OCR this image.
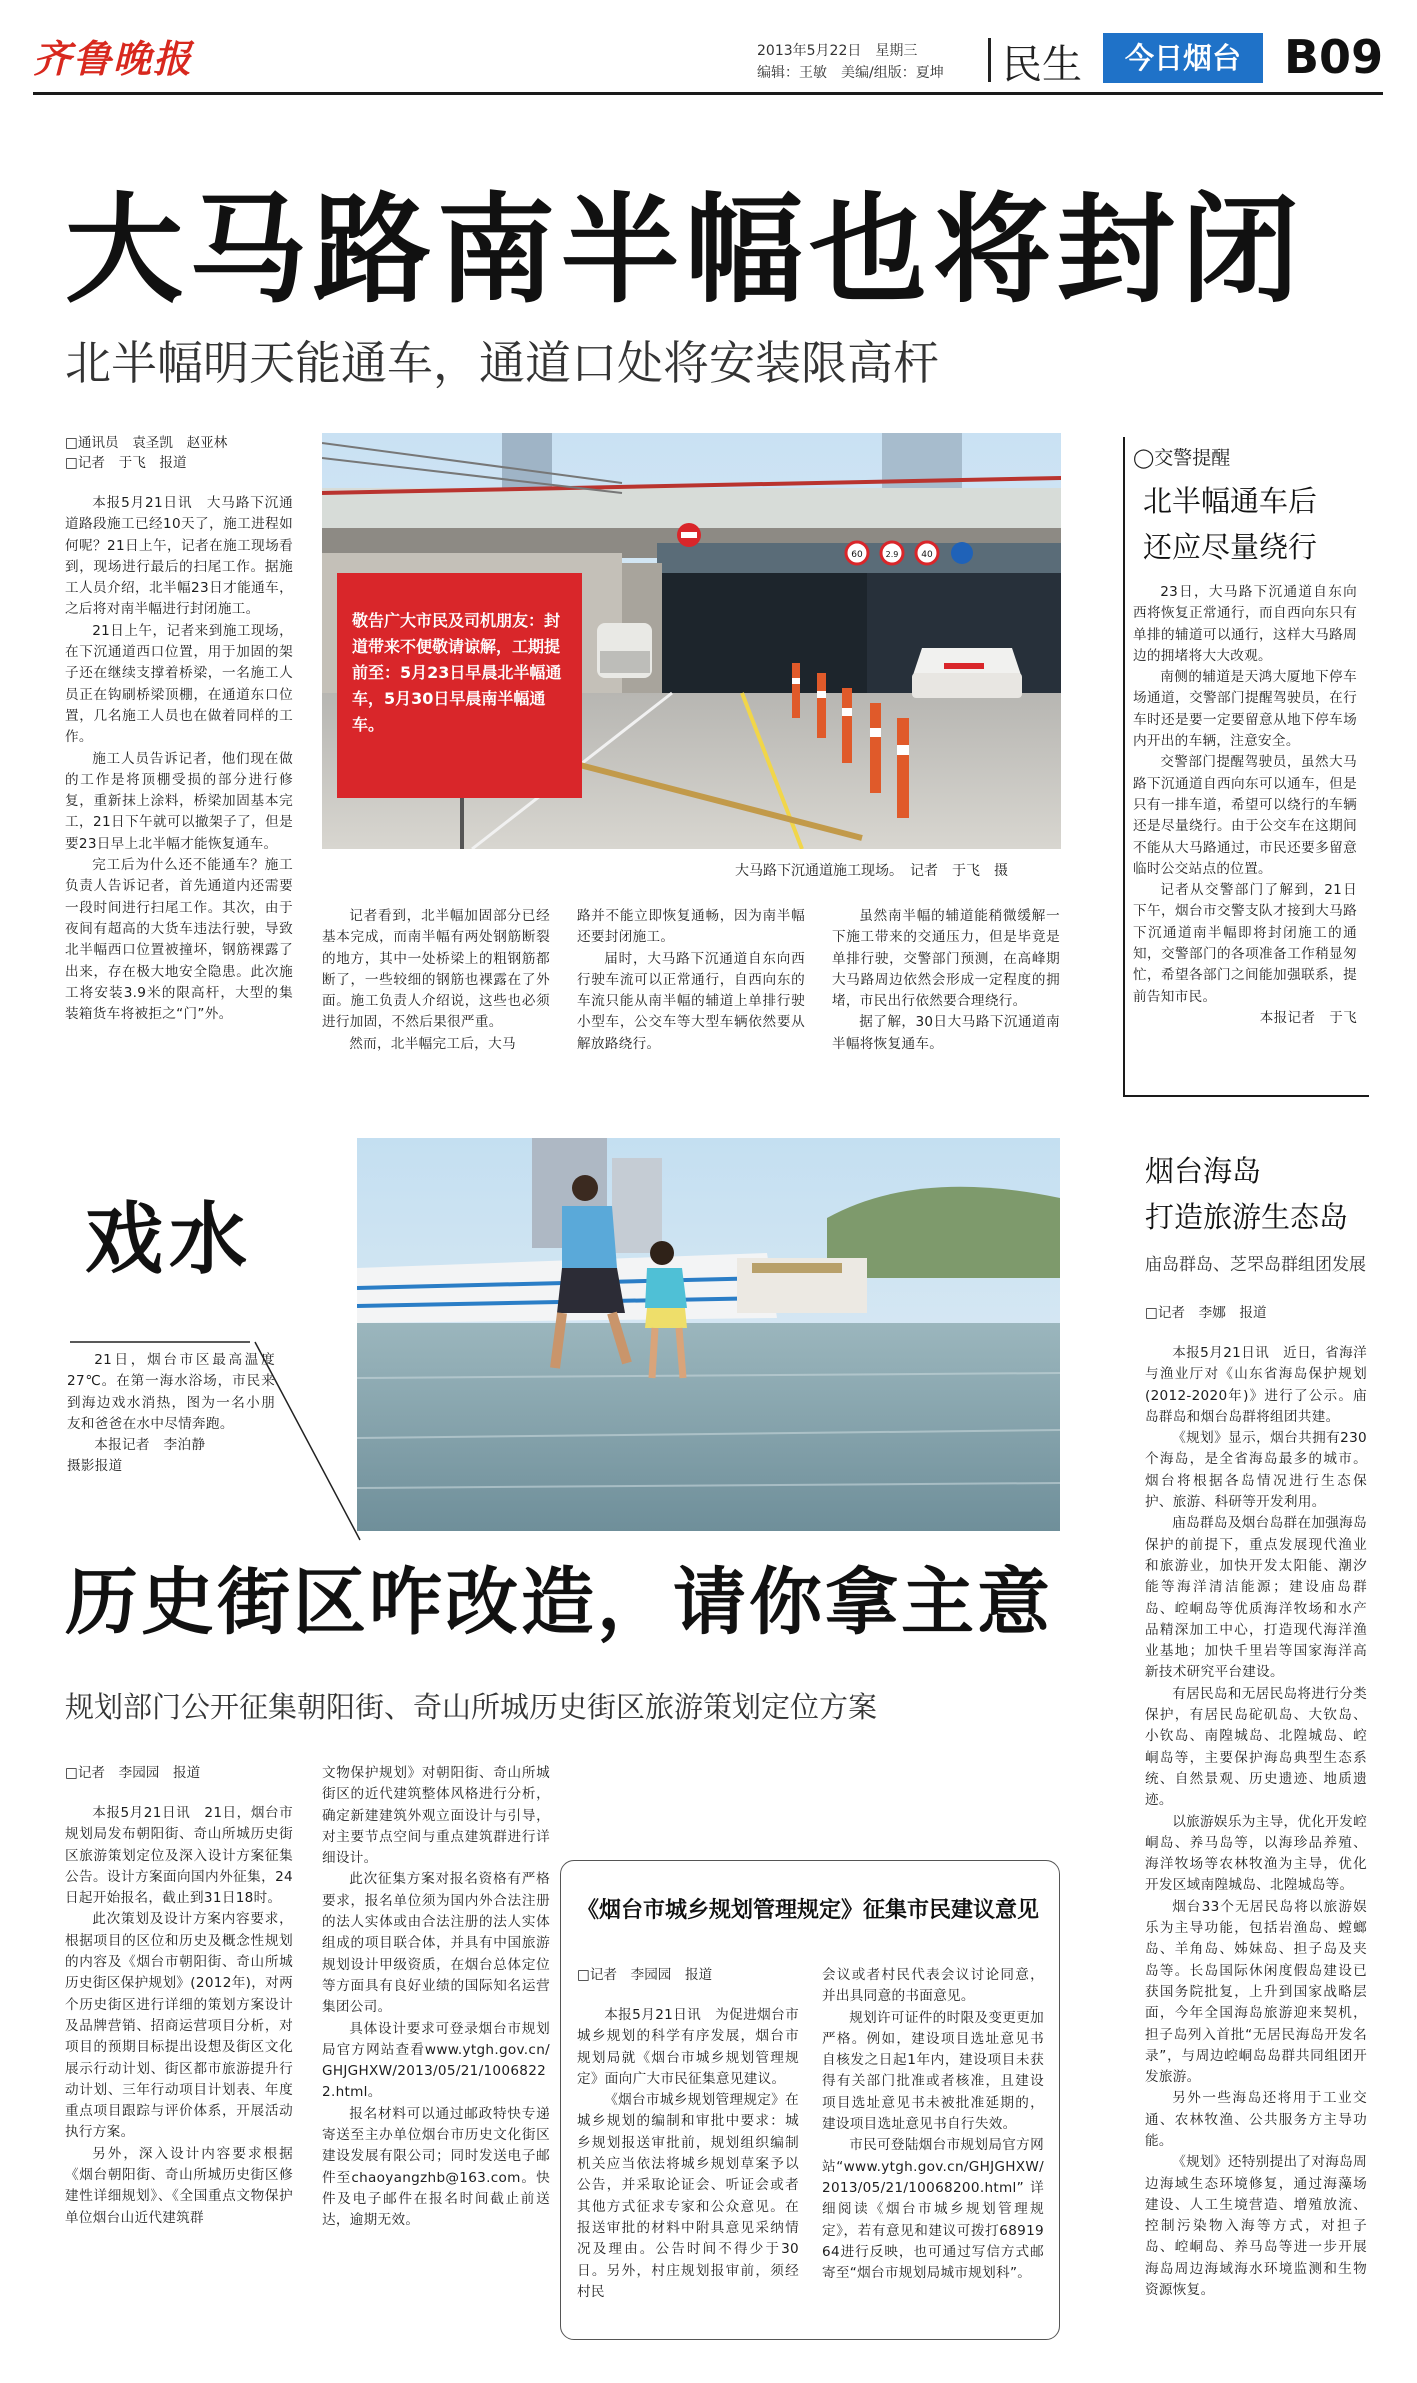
齐鲁晚报	2013年5月22日　 星期三
编辑：王敏　美编/组版：夏坤 民生	今日烟台 B09
大马路南半幅也将封闭
北半幅明天能通车，通道口处将安装限高杆
□通讯员　袁圣凯　赵亚林
□记者　于飞　报道

本报5月21日讯　大马路下沉通道路段施工已经10天了，施工进程如何呢？21日上午，记者在施工现场看到，现场进行最后的扫尾工作。据施工人员介绍，北半幅23日才能通车，之后将对南半幅进行封闭施工。

21日上午，记者来到施工现场，在下沉通道西口位置，用于加固的架子还在继续支撑着桥梁，一名施工人员正在钩刷桥梁顶棚，在通道东口位置，几名施工人员也在做着同样的工作。

施工人员告诉记者，他们现在做的工作是将顶棚受损的部分进行修复，重新抹上涂料，桥梁加固基本完工，21日下午就可以撤架子了，但是要23日早上北半幅才能恢复通车。

完工后为什么还不能通车？施工负责人告诉记者，首先通道内还需要一段时间进行扫尾工作。其次，由于夜间有超高的大货车违法行驶，导致北半幅西口位置被撞坏，钢筋裸露了出来，存在极大地安全隐患。此次施工将安装3.9米的限高杆，大型的集装箱货车将被拒之“门”外。

60	2.9	40
敬告广大市民及司机朋友：封道带来不便敬请谅解，工期提前至：5月23日早晨北半幅通车，5月30日早晨南半幅通车。
大马路下沉通道施工现场。　记者　于飞　摄

记者看到，北半幅加固部分已经基本完成，而南半幅有两处钢筋断裂的地方，其中一处桥梁上的粗钢筋都断了，一些较细的钢筋也裸露在了外面。施工负责人介绍说，这些也必须进行加固，不然后果很严重。

然而，北半幅完工后，大马

路并不能立即恢复通畅，因为南半幅还要封闭施工。

届时，大马路下沉通道自东向西行驶车流可以正常通行，自西向东的车流只能从南半幅的辅道上单排行驶小型车，公交车等大型车辆依然要从解放路绕行。

虽然南半幅的辅道能稍微缓解一下施工带来的交通压力，但是毕竟是单排行驶，交警部门预测，在高峰期大马路周边依然会形成一定程度的拥堵，市民出行依然要合理绕行。

据了解，30日大马路下沉通道南半幅将恢复通车。

◯交警提醒
北半幅通车后
还应尽量绕行

23日，大马路下沉通道自东向西将恢复正常通行，而自西向东只有单排的辅道可以通行，这样大马路周边的拥堵将大大改观。

南侧的辅道是天鸿大厦地下停车场通道，交警部门提醒驾驶员，在行车时还是要一定要留意从地下停车场内开出的车辆，注意安全。

交警部门提醒驾驶员，虽然大马路下沉通道自西向东可以通车，但是只有一排车道，希望可以绕行的车辆还是尽量绕行。由于公交车在这期间不能从大马路通过，市民还要多留意临时公交站点的位置。

记者从交警部门了解到，21日下午，烟台市交警支队才接到大马路下沉通道南半幅即将封闭施工的通知，交警部门的各项准备工作稍显匆忙，希望各部门之间能加强联系，提前告知市民。

本报记者　于飞

戏水

21日，烟台市区最高温度27℃。在第一海水浴场，市民来到海边戏水消热，图为一名小朋友和爸爸在水中尽情奔跑。

本报记者　李泊静

摄影报道

烟台海岛
打造旅游生态岛
庙岛群岛、芝罘岛群组团发展
□记者　李娜　报道

本报5月21日讯　近日，省海洋与渔业厅对《山东省海岛保护规划(2012-2020年)》进行了公示。庙岛群岛和烟台岛群将组团共建。

《规划》显示，烟台共拥有230个海岛，是全省海岛最多的城市。烟台将根据各岛情况进行生态保护、旅游、科研等开发利用。

庙岛群岛及烟台岛群在加强海岛保护的前提下，重点发展现代渔业和旅游业，加快开发太阳能、潮汐能等海洋清洁能源；建设庙岛群岛、崆峒岛等优质海洋牧场和水产品精深加工中心，打造现代海洋渔业基地；加快千里岩等国家海洋高新技术研究平台建设。

有居民岛和无居民岛将进行分类保护，有居民岛砣矶岛、大钦岛、小钦岛、南隍城岛、北隍城岛、崆峒岛等，主要保护海岛典型生态系统、自然景观、历史遗迹、地质遗迹。

以旅游娱乐为主导，优化开发崆峒岛、养马岛等，以海珍品养殖、海洋牧场等农林牧渔为主导，优化开发区域南隍城岛、北隍城岛等。

烟台33个无居民岛将以旅游娱乐为主导功能，包括岩渔岛、螳螂岛、羊角岛、姊妹岛、担子岛及夹岛等。长岛国际休闲度假岛建设已获国务院批复，上升到国家战略层面，今年全国海岛旅游迎来契机，担子岛列入首批“无居民海岛开发名录”，与周边崆峒岛岛群共同组团开发旅游。

另外一些海岛还将用于工业交通、农林牧渔、公共服务方主导功能。

《规划》还特别提出了对海岛周边海域生态环境修复，通过海藻场建设、人工生境营造、增殖放流、控制污染物入海等方式，对担子岛、崆峒岛、养马岛等进一步开展海岛周边海域海水环境监测和生物资源恢复。

历史街区咋改造，请你拿主意
规划部门公开征集朝阳街、奇山所城历史街区旅游策划定位方案
□记者　李园园　报道

本报5月21日讯　21日，烟台市规划局发布朝阳街、奇山所城历史街区旅游策划定位及深入设计方案征集公告。设计方案面向国内外征集，24日起开始报名，截止到31日18时。

此次策划及设计方案内容要求，根据项目的区位和历史及概念性规划的内容及《烟台市朝阳街、奇山所城历史街区保护规划》(2012年)，对两个历史街区进行详细的策划方案设计及品牌营销、招商运营项目分析，对项目的预期目标提出设想及街区文化展示行动计划、街区都市旅游提升行动计划、三年行动项目计划表、年度重点项目跟踪与评价体系，开展活动执行方案。

另外，深入设计内容要求根据《烟台朝阳街、奇山所城历史街区修建性详细规划》、《全国重点文物保护单位烟台山近代建筑群

文物保护规划》对朝阳街、奇山所城街区的近代建筑整体风格进行分析，确定新建建筑外观立面设计与引导，对主要节点空间与重点建筑群进行详细设计。

此次征集方案对报名资格有严格要求，报名单位须为国内外合法注册的法人实体或由合法注册的法人实体组成的项目联合体，并具有中国旅游规划设计甲级资质，在烟台总体定位等方面具有良好业绩的国际知名运营集团公司。

具体设计要求可登录烟台市规划局官方网站查看www.ytgh.gov.cn/GHJGHXW/2013/05/21/10068222.html。

报名材料可以通过邮政特快专递寄送至主办单位烟台市历史文化街区建设发展有限公司；同时发送电子邮件至chaoyangzhb@163.com。快件及电子邮件在报名时间截止前送达，逾期无效。

《烟台市城乡规划管理规定》征集市民建议意见
□记者　李园园　报道

本报5月21日讯　为促进烟台市城乡规划的科学有序发展，烟台市规划局就《烟台市城乡规划管理规定》面向广大市民征集意见建议。

《烟台市城乡规划管理规定》在城乡规划的编制和审批中要求：城乡规划报送审批前，规划组织编制机关应当依法将城乡规划草案予以公告，并采取论证会、听证会或者其他方式征求专家和公众意见。在报送审批的材料中附具意见采纳情况及理由。公告时间不得少于30日。另外，村庄规划报审前，须经村民

会议或者村民代表会议讨论同意，并出具同意的书面意见。

规划许可证件的时限及变更更加严格。例如，建设项目选址意见书自核发之日起1年内，建设项目未获得有关部门批准或者核准，且建设项目选址意见书未被批准延期的，建设项目选址意见书自行失效。

市民可登陆烟台市规划局官方网站“www.ytgh.gov.cn/GHJGHXW/2013/05/21/10068200.html”详细阅读《烟台市城乡规划管理规定》，若有意见和建议可拨打6891964进行反映，也可通过写信方式邮寄至“烟台市规划局城市规划科”。
